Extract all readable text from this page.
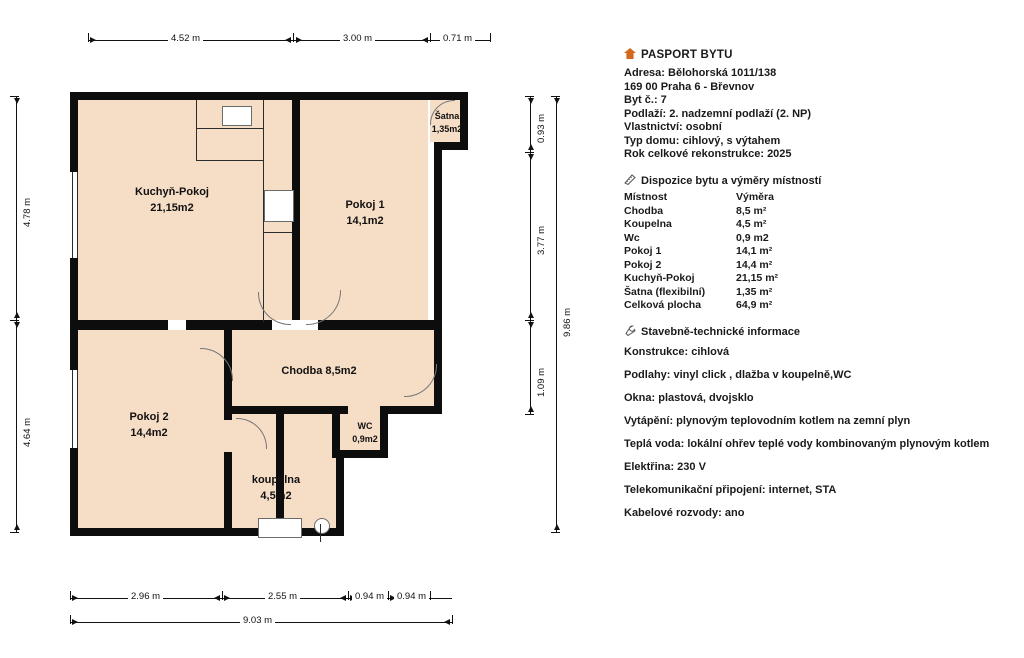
4.52 m	3.00 m	0.71 m
4.78 m
4.64 m
0.93 m
3.77 m
1.09 m
9.86 m
2.96 m	2.55 m	0.94 m	0.94 m
9.03 m
Kuchyň-Pokoj
21,15m2	Pokoj 1
14,1m2
Pokoj 2
14,4m2
Chodba 8,5m2
koupelna
4,5m2
WC
0,9m2
Šatna
1,35m2
PASPORT BYTU
Adresa: Bělohorská 1011/138
169 00 Praha 6 - Břevnov
Byt č.: 7
Podlaží: 2. nadzemní podlaží (2. NP)
Vlastnictví: osobní
Typ domu: cihlový, s výtahem
Rok celkové rekonstrukce: 2025
Dispozice bytu a výměry místností
Místnost	Výměra
Chodba	8,5 m²
Koupelna	4,5 m²
Wc	0,9 m2
Pokoj 1	14,1 m²
Pokoj 2	14,4 m²
Kuchyň-Pokoj	21,15 m²
Šatna (flexibilní)	1,35 m²
Celková plocha	64,9 m²
Stavebně-technické informace
Konstrukce: cihlová
Podlahy: vinyl click , dlažba v koupelně,WC
Okna: plastová, dvojsklo
Vytápění: plynovým teplovodním kotlem na zemní plyn
Teplá voda: lokální ohřev teplé vody kombinovaným plynovým kotlem
Elektřina: 230 V
Telekomunikační připojení: internet, STA
Kabelové rozvody: ano
